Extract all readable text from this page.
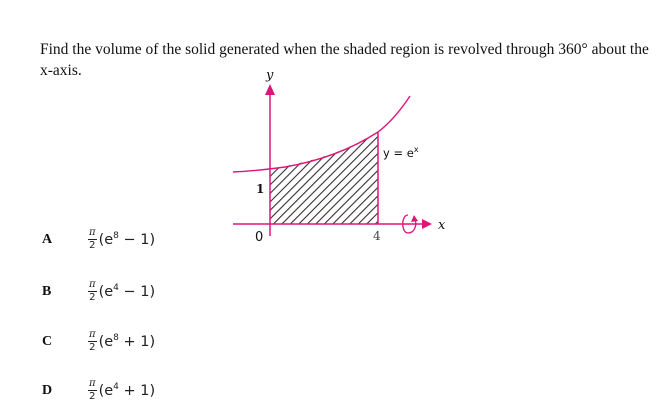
Find the volume of the solid generated when the shaded region is revolved through 360° about the x-axis.	y
x
0
1
4
$y = e^x$
A	$\frac{\pi}{2} (e^8 - 1)$
B	$\frac{\pi}{2} (e^4 - 1)$
C	$\frac{\pi}{2} (e^8 + 1)$
D	$\frac{\pi}{2} (e^4 + 1)$
